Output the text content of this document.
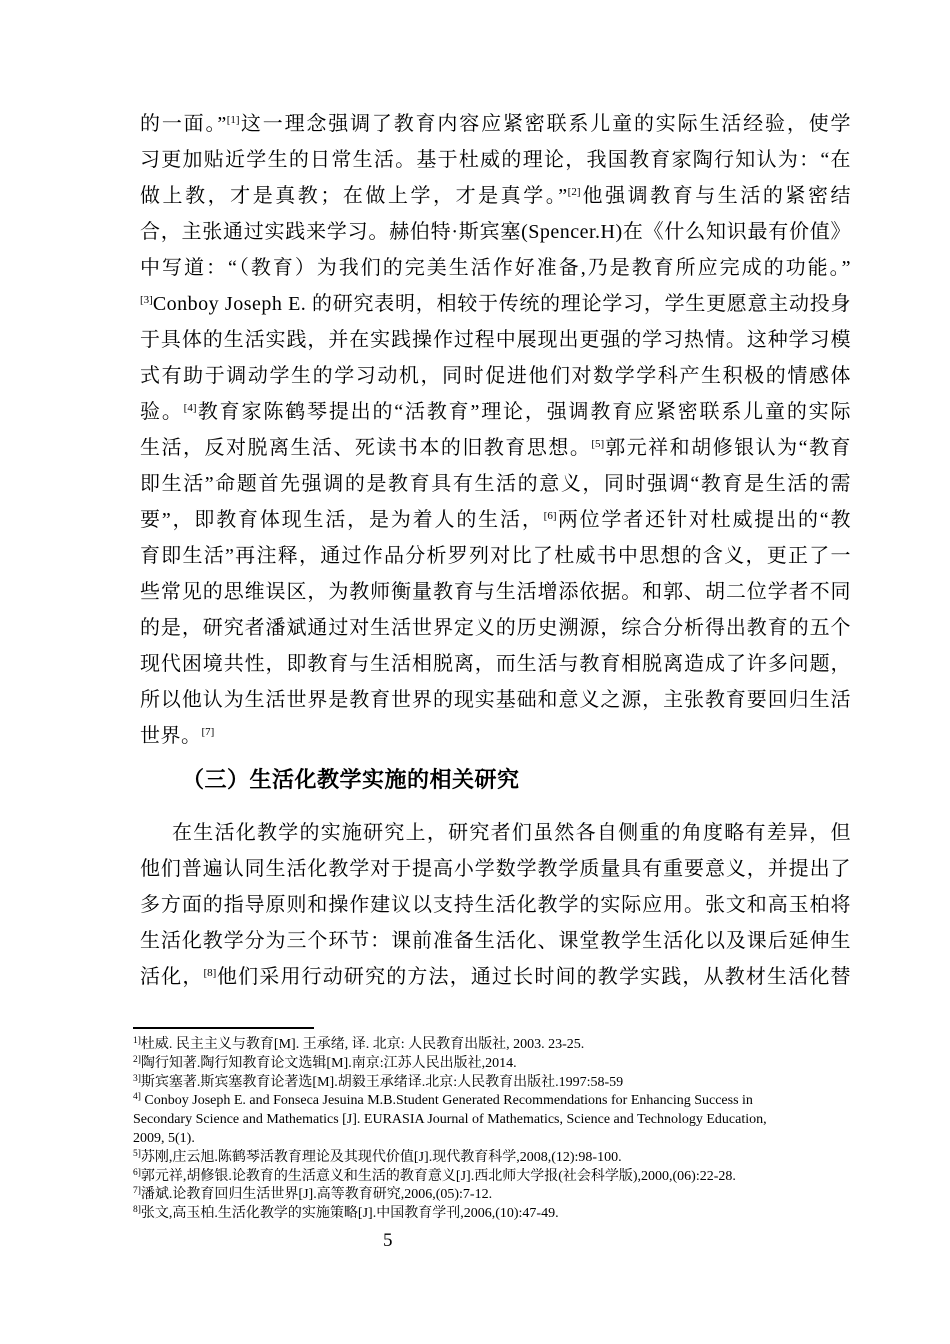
的一面。”[1]这一理念强调了教育内容应紧密联系儿童的实际生活经验，使学
习更加贴近学生的日常生活。基于杜威的理论，我国教育家陶行知认为：“在
做上教，才是真教；在做上学，才是真学。”[2]他强调教育与生活的紧密结
合，主张通过实践来学习。赫伯特·斯宾塞(Spencer.H)在《什么知识最有价值》
中写道：“（教育）为我们的完美生活作好准备,乃是教育所应完成的功能。”
[3]Conboy Joseph E. 的研究表明，相较于传统的理论学习，学生更愿意主动投身
于具体的生活实践，并在实践操作过程中展现出更强的学习热情。这种学习模
式有助于调动学生的学习动机，同时促进他们对数学学科产生积极的情感体
验。[4]教育家陈鹤琴提出的“活教育”理论，强调教育应紧密联系儿童的实际
生活，反对脱离生活、死读书本的旧教育思想。[5]郭元祥和胡修银认为“教育
即生活”命题首先强调的是教育具有生活的意义，同时强调“教育是生活的需
要”，即教育体现生活，是为着人的生活，[6]两位学者还针对杜威提出的“教
育即生活”再注释，通过作品分析罗列对比了杜威书中思想的含义，更正了一
些常见的思维误区，为教师衡量教育与生活增添依据。和郭、胡二位学者不同
的是，研究者潘斌通过对生活世界定义的历史溯源，综合分析得出教育的五个
现代困境共性，即教育与生活相脱离，而生活与教育相脱离造成了许多问题，
所以他认为生活世界是教育世界的现实基础和意义之源，主张教育要回归生活
世界。[7]
（三）生活化教学实施的相关研究
在生活化教学的实施研究上，研究者们虽然各自侧重的角度略有差异，但
他们普遍认同生活化教学对于提高小学数学教学质量具有重要意义，并提出了
多方面的指导原则和操作建议以支持生活化教学的实际应用。张文和高玉柏将
生活化教学分为三个环节：课前准备生活化、课堂教学生活化以及课后延伸生
活化，[8]他们采用行动研究的方法，通过长时间的教学实践，从教材生活化替
$^{1]}$杜威. 民主主义与教育[M]. 王承绪, 译. 北京: 人民教育出版社, 2003. 23-25.
$^{2]}$陶行知著.陶行知教育论文选辑[M].南京:江苏人民出版社,2014.
$^{3]}$斯宾塞著.斯宾塞教育论著选[M].胡毅王承绪译.北京:人民教育出版社.1997:58-59
$^{4]}$ Conboy Joseph E. and Fonseca Jesuina M.B.Student Generated Recommendations for Enhancing Success in
Secondary Science and Mathematics [J]. EURASIA Journal of Mathematics, Science and Technology Education,
2009, 5(1).
$^{5]}$苏刚,庄云旭.陈鹤琴活教育理论及其现代价值[J].现代教育科学,2008,(12):98-100.
$^{6]}$郭元祥,胡修银.论教育的生活意义和生活的教育意义[J].西北师大学报(社会科学版),2000,(06):22-28.
$^{7]}$潘斌.论教育回归生活世界[J].高等教育研究,2006,(05):7-12.
$^{8]}$张文,高玉柏.生活化教学的实施策略[J].中国教育学刊,2006,(10):47-49.
5
